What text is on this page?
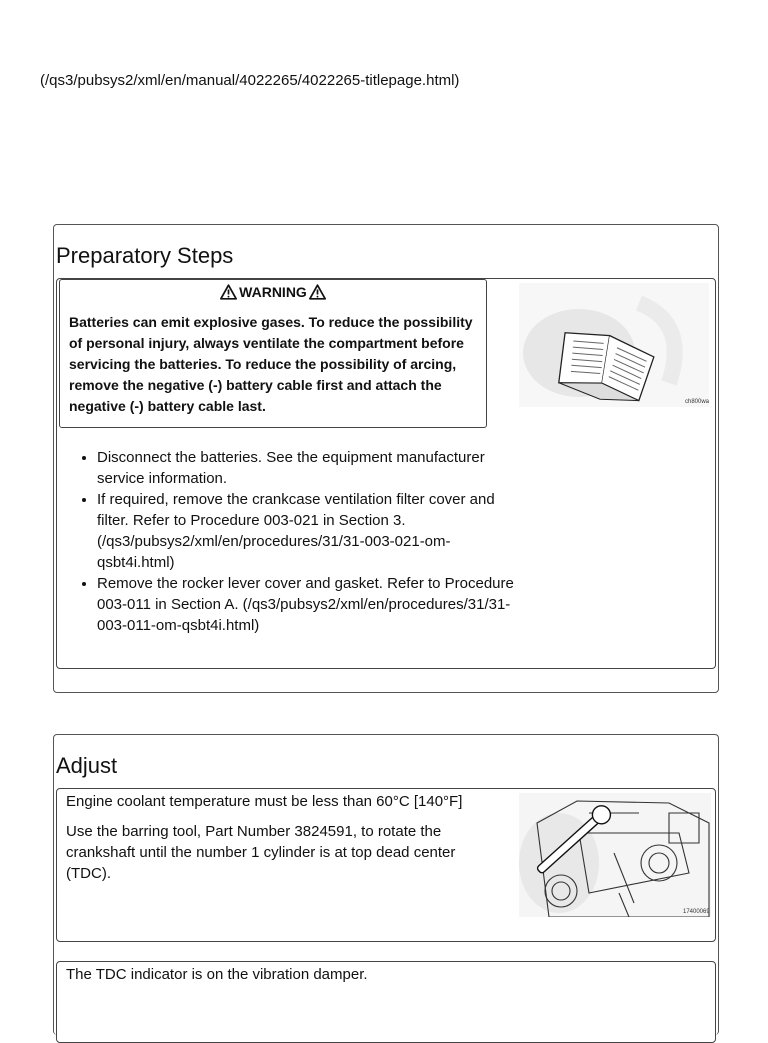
(/qs3/pubsys2/xml/en/manual/4022265/4022265-titlepage.html)
Preparatory Steps
WARNING
Batteries can emit explosive gases. To reduce the possibility of personal injury, always ventilate the compartment before servicing the batteries. To reduce the possibility of arcing, remove the negative (-) battery cable first and attach the negative (-) battery cable last.	ch800wa
• Disconnect the batteries. See the equipment manufacturer service information.
• If required, remove the crankcase ventilation filter cover and filter. Refer to Procedure 003-021 in Section 3. (/qs3/pubsys2/xml/en/procedures/31/31-003-021-om-qsbt4i.html)
• Remove the rocker lever cover and gasket. Refer to Procedure 003-011 in Section A. (/qs3/pubsys2/xml/en/procedures/31/31-003-011-om-qsbt4i.html)
Adjust
Engine coolant temperature must be less than 60°C [140°F]
Use the barring tool, Part Number 3824591, to rotate the crankshaft until the number 1 cylinder is at top dead center (TDC).
17400069
The TDC indicator is on the vibration damper.
